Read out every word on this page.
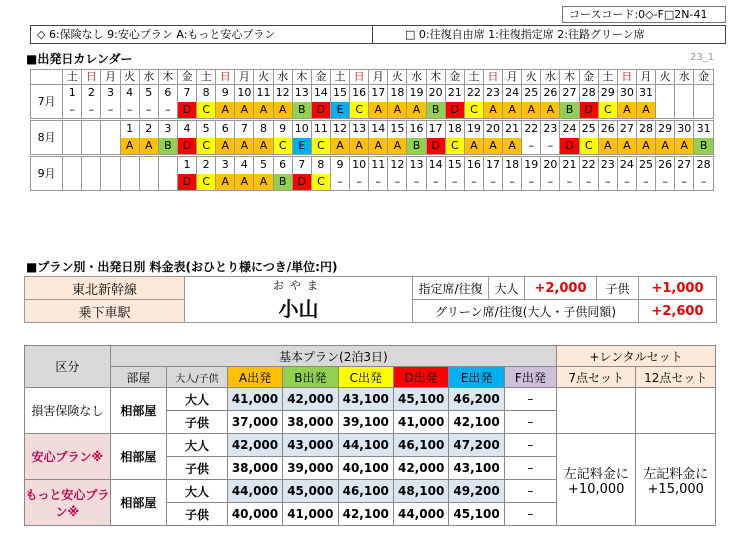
コースコード:0◇-F□2N-41
◇ 6:保険なし 9:安心プラン A:もっと安心プラン	□ 0:往復自由席 1:往復指定席 2:往路グリーン席
■出発日カレンダー	23_1
	土	日	月	火	水	木	金	土	日	月	火	水	木	金	土	日	月	火	水	木	金	土	日	月	火	水	木	金	土	日	月	火	水	金
7月	1	2	3	4	5	6	7	8	9	10	11	12	13	14	15	16	17	18	19	20	21	22	23	24	25	26	27	28	29	30	31			
	–	–	–	–	–	–	D	C	A	A	A	A	B	D	E	C	A	A	A	B	D	C	A	A	A	A	B	D	C	A	A			

8月				1	2	3	4	5	6	7	8	9	10	11	12	13	14	15	16	17	18	19	20	21	22	23	24	25	26	27	28	29	30	31
				A	A	B	D	C	A	A	A	C	E	C	A	A	A	A	B	D	C	A	A	A	–	–	D	C	A	A	A	A	A	B

9月							1	2	3	4	5	6	7	8	9	10	11	12	13	14	15	16	17	18	19	20	21	22	23	24	25	26	27	28
							D	C	A	A	A	B	D	C	–	–	–	–	–	–	–	–	–	–	–	–	–	–	–	–	–	–	–	–
■プラン別・出発日別 料金表(おひとり様につき/単位:円)
東北新幹線	おやま
小山	指定席/往復	大人	+2,000	子供	+1,000	
乗下車駅		グリーン席/往復(大人・子供同額)				+2,600	
区分	基本プラン(2泊3日)								+レンタルセット	
	部屋	大人/子供	A出発	B出発	C出発	D出発	E出発	F出発	7点セット	12点セット
損害保険なし	相部屋	大人	41,000	42,000	43,100	45,100	46,200	–		
		子供	37,000	38,000	39,100	41,000	42,100	–		
安心プラン※	相部屋	大人	42,000	43,000	44,100	46,100	47,200	–	左記料金に +10,000	左記料金に +15,000
		子供	38,000	39,000	40,100	42,000	43,100	–		
もっと安心プラン※	相部屋	大人	44,000	45,000	46,100	48,100	49,200	–		
		子供	40,000	41,000	42,100	44,000	45,100	–		
